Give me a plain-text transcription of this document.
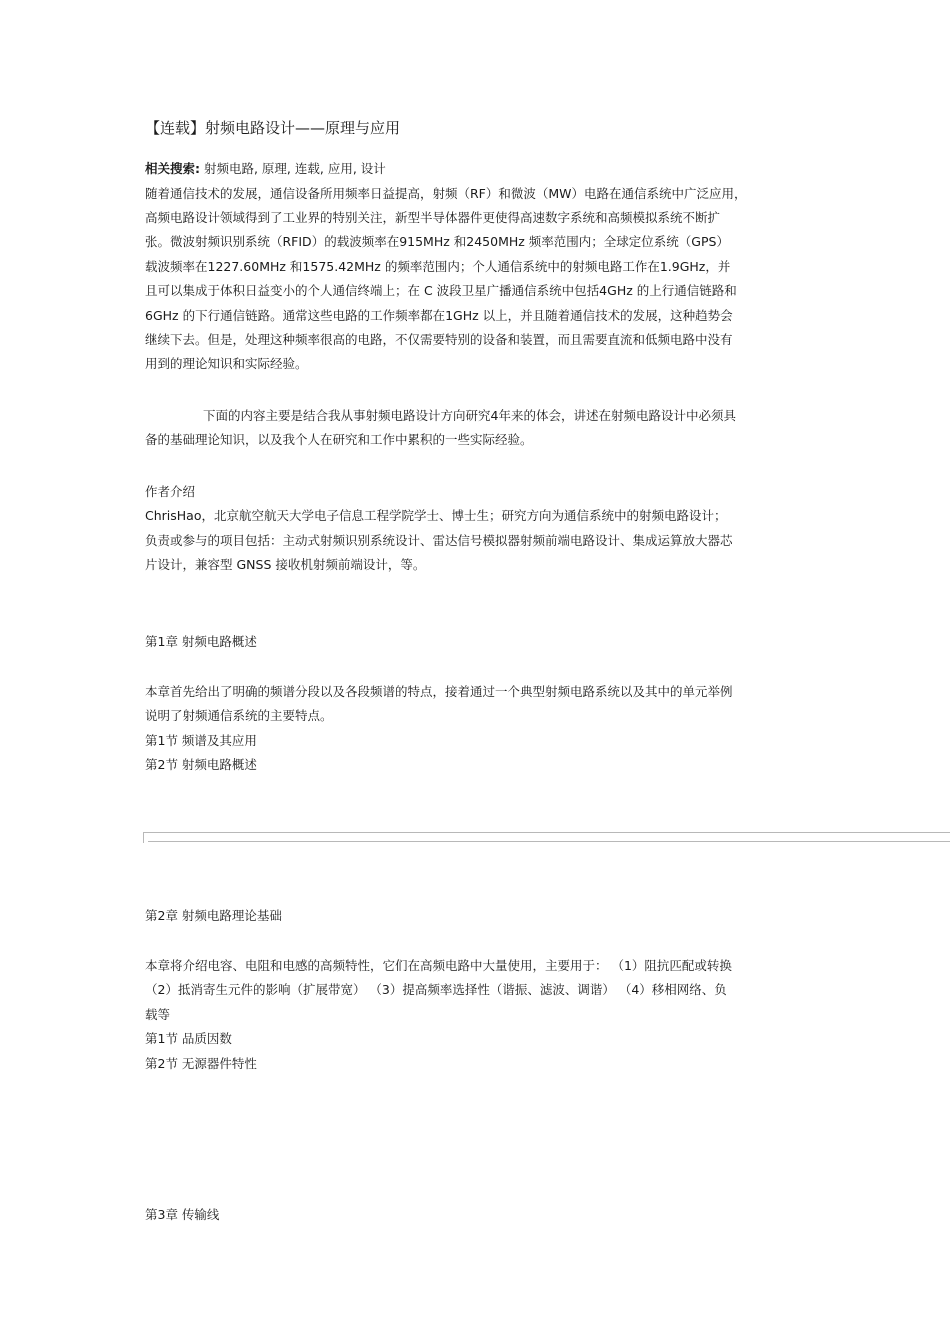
【连载】射频电路设计——原理与应用
相关搜索: 射频电路, 原理, 连载, 应用, 设计
随着通信技术的发展，通信设备所用频率日益提高，射频（RF）和微波（MW）电路在通信系统中广泛应用，
高频电路设计领域得到了工业界的特别关注，新型半导体器件更使得高速数字系统和高频模拟系统不断扩
张。微波射频识别系统（RFID）的载波频率在915MHz 和2450MHz 频率范围内；全球定位系统（GPS）
载波频率在1227.60MHz 和1575.42MHz 的频率范围内；个人通信系统中的射频电路工作在1.9GHz，并
且可以集成于体积日益变小的个人通信终端上；在 C 波段卫星广播通信系统中包括4GHz 的上行通信链路和
6GHz 的下行通信链路。通常这些电路的工作频率都在1GHz 以上，并且随着通信技术的发展，这种趋势会
继续下去。但是，处理这种频率很高的电路，不仅需要特别的设备和装置，而且需要直流和低频电路中没有
用到的理论知识和实际经验。
下面的内容主要是结合我从事射频电路设计方向研究4年来的体会，讲述在射频电路设计中必须具
备的基础理论知识，以及我个人在研究和工作中累积的一些实际经验。
作者介绍
ChrisHao，北京航空航天大学电子信息工程学院学士、博士生；研究方向为通信系统中的射频电路设计；
负责或参与的项目包括：主动式射频识别系统设计、雷达信号模拟器射频前端电路设计、集成运算放大器芯
片设计，兼容型 GNSS 接收机射频前端设计，等。
第1章 射频电路概述
本章首先给出了明确的频谱分段以及各段频谱的特点，接着通过一个典型射频电路系统以及其中的单元举例
说明了射频通信系统的主要特点。
第1节 频谱及其应用
第2节 射频电路概述
第2章 射频电路理论基础
本章将介绍电容、电阻和电感的高频特性，它们在高频电路中大量使用，主要用于： （1）阻抗匹配或转换
（2）抵消寄生元件的影响（扩展带宽） （3）提高频率选择性（谐振、滤波、调谐） （4）移相网络、负
载等
第1节 品质因数
第2节 无源器件特性
第3章 传输线
